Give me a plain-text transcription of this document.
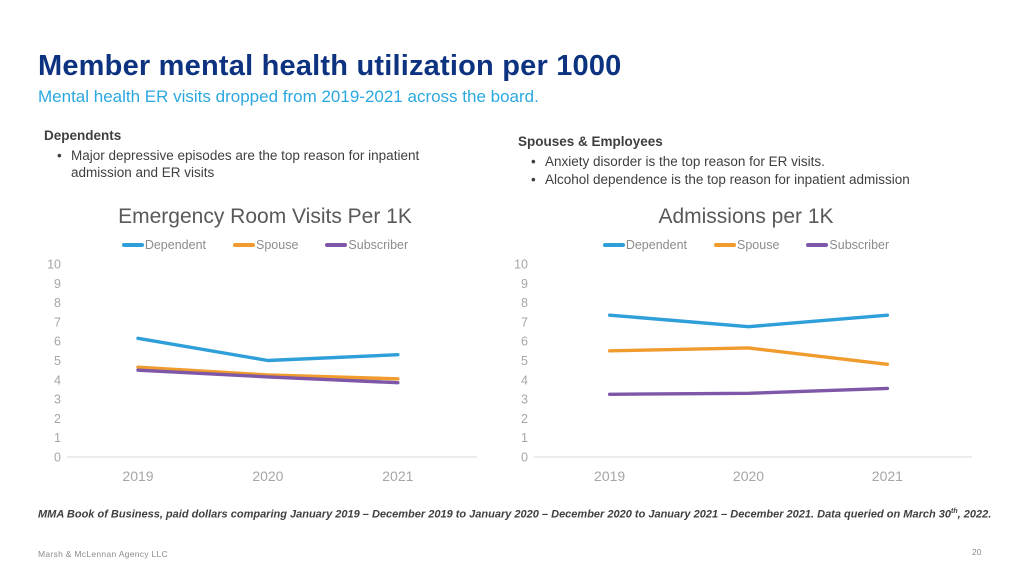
Member mental health utilization per 1000
Mental health ER visits dropped from 2019-2021 across the board.
Dependents
• Major depressive episodes are the top reason for inpatient admission and ER visits
Spouses & Employees
• Anxiety disorder is the top reason for ER visits.
• Alcohol dependence is the top reason for inpatient admission
Emergency Room Visits Per 1K
Dependent	Spouse	Subscriber
0
1
2
3
4
5
6
7
8
9
10
2019	2020	2021
Admissions per 1K
Dependent	Spouse	Subscriber
0
1
2
3
4
5
6
7
8
9
10
2019	2020	2021
MMA Book of Business, paid dollars comparing January 2019 – December 2019 to January 2020 – December 2020 to January 2021 – December 2021. Data queried on March 30th, 2022.
Marsh & McLennan Agency LLC	20
